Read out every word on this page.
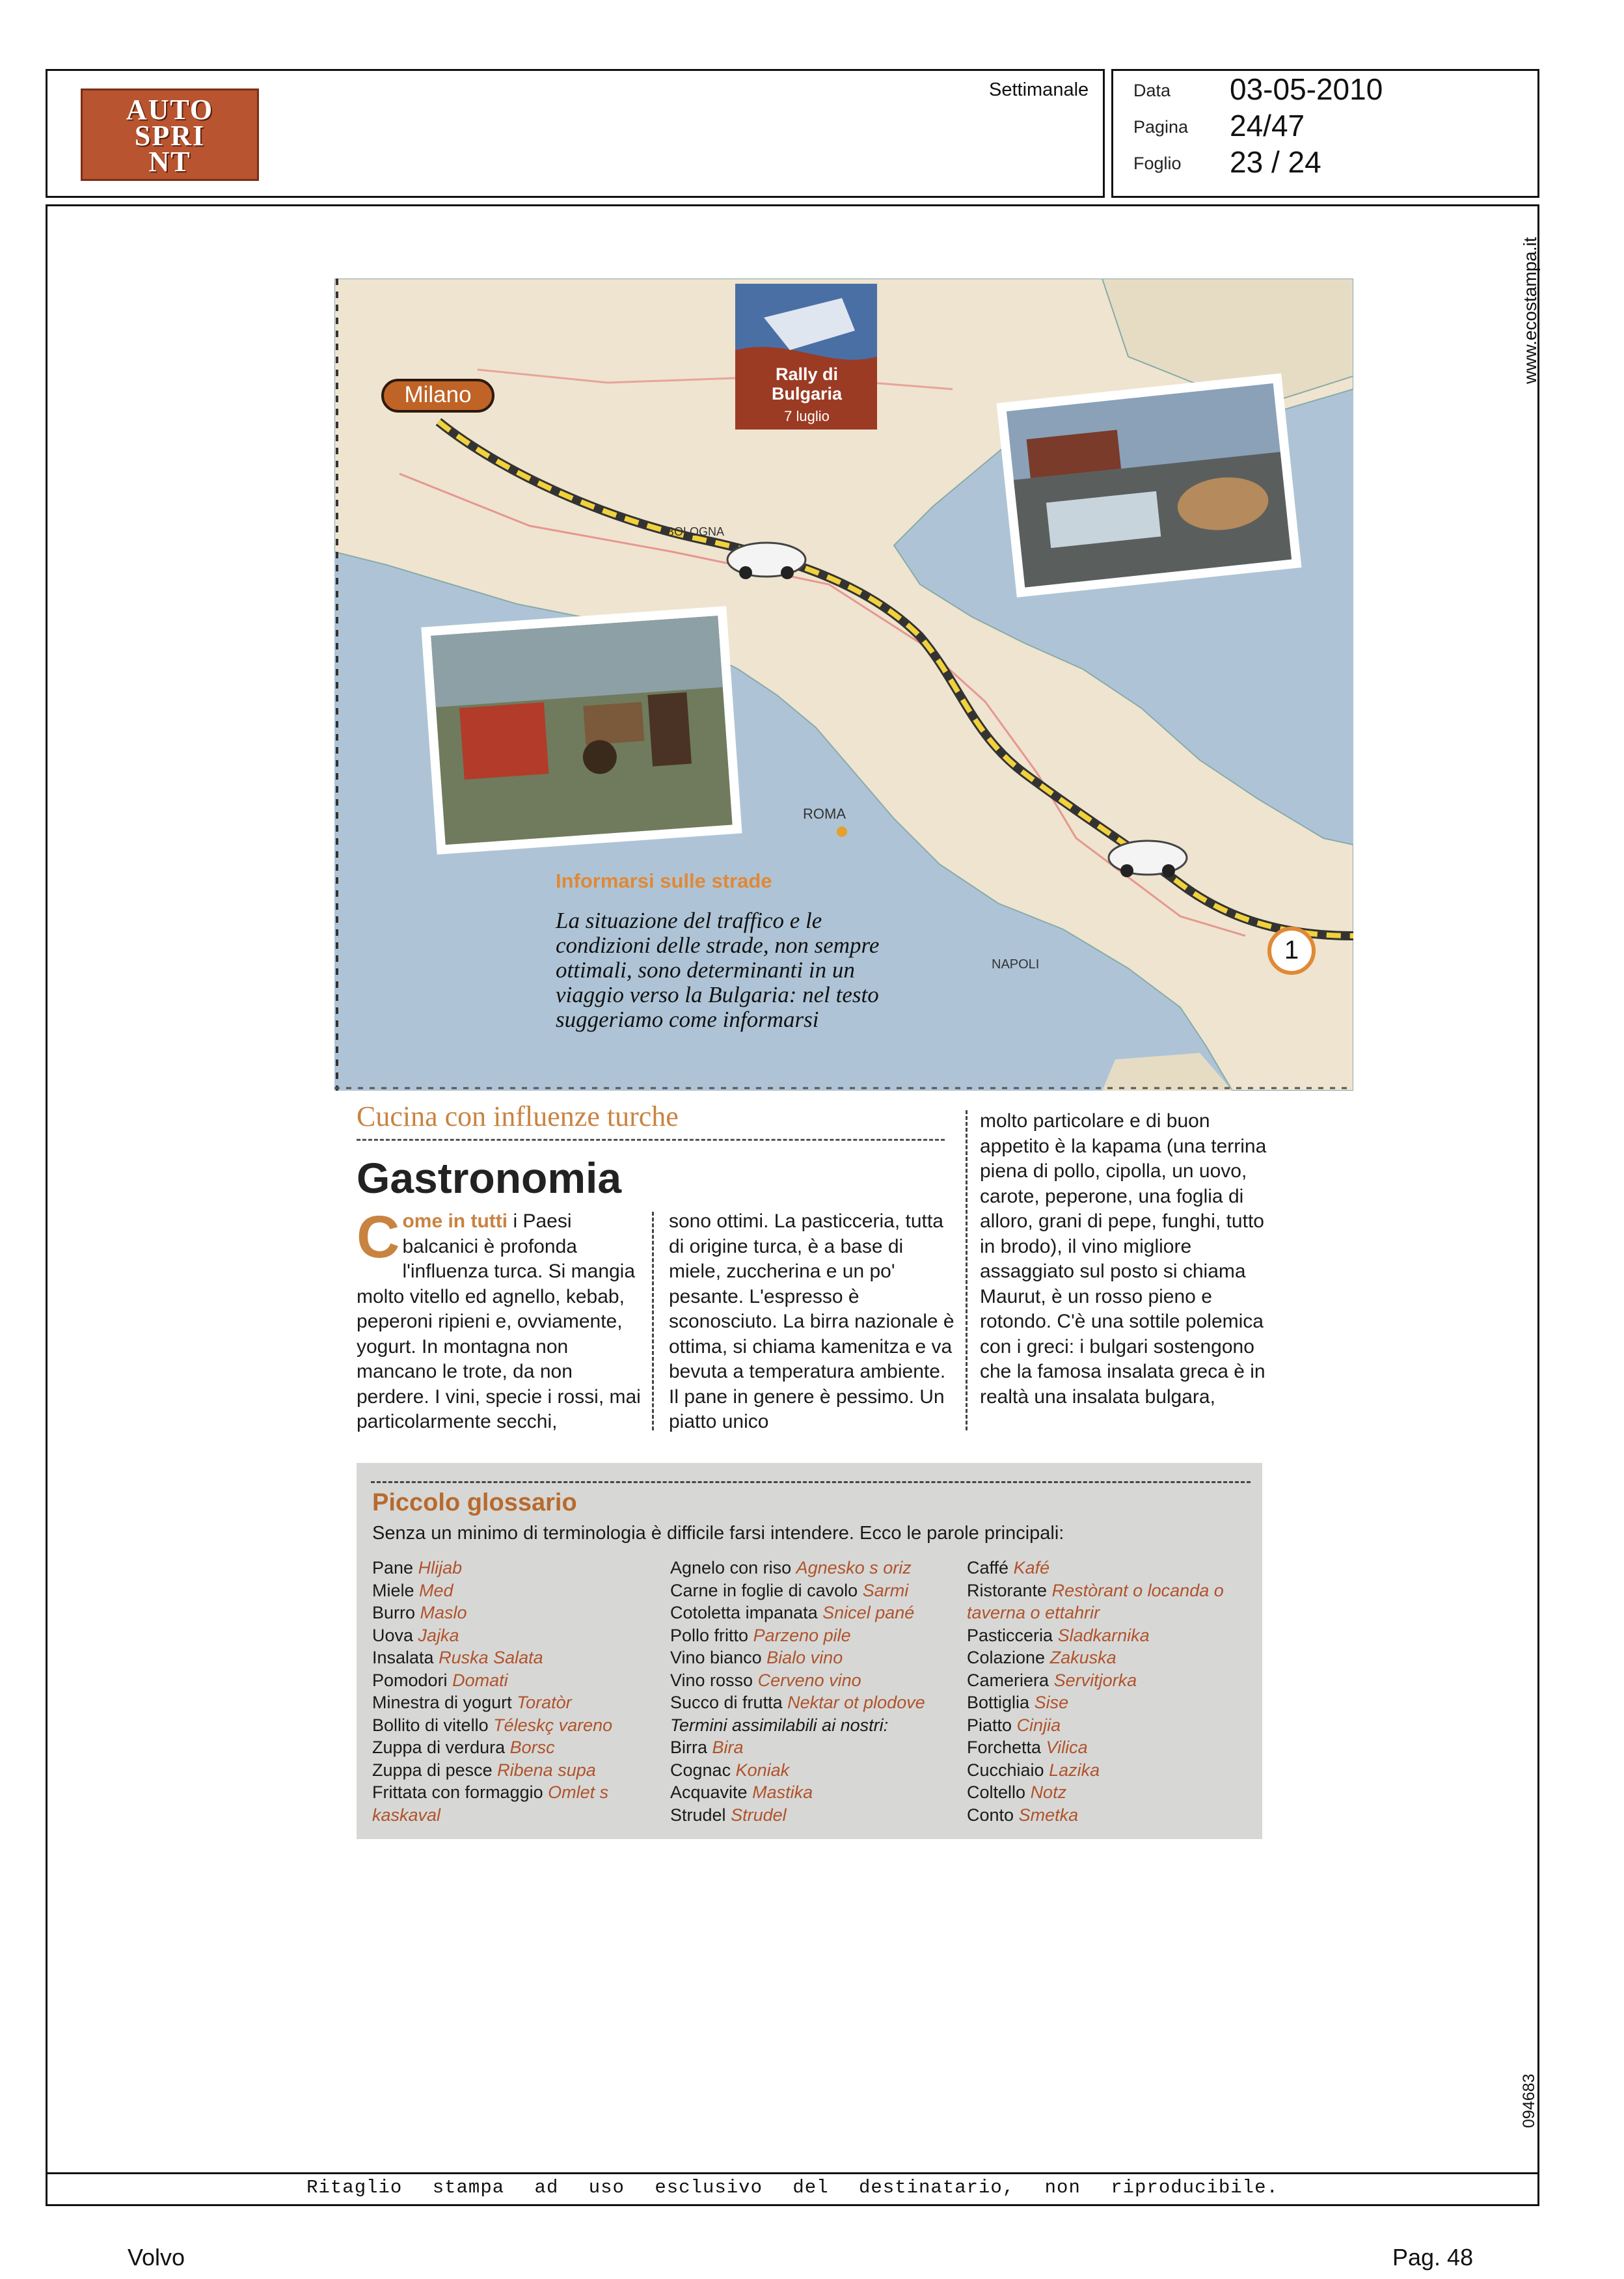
AUTO
SPRI
NT
Settimanale	Data 03-05-2010
Pagina 24/47
Foglio 23 / 24
www.ecostampa.it
094683
ROMA
NAPOLI
BOLOGNA
Milano
Rally di Bulgaria
7 luglio
1
Informarsi sulle strade
La situazione del traffico e le condizioni delle strade, non sempre ottimali, sono determinanti in un viaggio verso la Bulgaria: nel testo suggeriamo come informarsi
Cucina con influenze turche
Gastronomia
Come in tutti i Paesi balcanici è profonda l'influenza turca. Si mangia molto vitello ed agnello, kebab, peperoni ripieni e, ovviamente, yogurt. In montagna non mancano le trote, da non perdere. I vini, specie i rossi, mai particolarmente secchi,
sono ottimi. La pasticceria, tutta di origine turca, è a base di miele, zuccherina e un po' pesante. L'espresso è sconosciuto. La birra nazionale è ottima, si chiama kamenitza e va bevuta a temperatura ambiente. Il pane in genere è pessimo. Un piatto unico
molto particolare e di buon appetito è la kapama (una terrina piena di pollo, cipolla, un uovo, carote, peperone, una foglia di alloro, grani di pepe, funghi, tutto in brodo), il vino migliore assaggiato sul posto si chiama Maurut, è un rosso pieno e rotondo. C'è una sottile polemica con i greci: i bulgari sostengono che la famosa insalata greca è in realtà una insalata bulgara,
Piccolo glossario
Senza un minimo di terminologia è difficile farsi intendere. Ecco le parole principali:
Pane Hlijab
Miele Med
Burro Maslo
Uova Jajka
Insalata Ruska Salata
Pomodori Domati
Minestra di yogurt Toratòr
Bollito di vitello Téleskç vareno
Zuppa di verdura Borsc
Zuppa di pesce Ribena supa
Frittata con formaggio Omlet s kaskaval
Agnelo con riso Agnesko s oriz
Carne in foglie di cavolo Sarmi
Cotoletta impanata Snicel pané
Pollo fritto Parzeno pile
Vino bianco Bialo vino
Vino rosso Cerveno vino
Succo di frutta Nektar ot plodove
Termini assimilabili ai nostri:
Birra Bira
Cognac Koniak
Acquavite Mastika
Strudel Strudel
Caffé Kafé
Ristorante Restòrant o locanda o taverna o ettahrir
Pasticceria Sladkarnika
Colazione Zakuska
Cameriera Servitjorka
Bottiglia Sise
Piatto Cinjia
Forchetta Vilica
Cucchiaio Lazika
Coltello Notz
Conto Smetka
Ritaglio stampa ad uso esclusivo del destinatario, non riproducibile.
Volvo	Pag. 48
